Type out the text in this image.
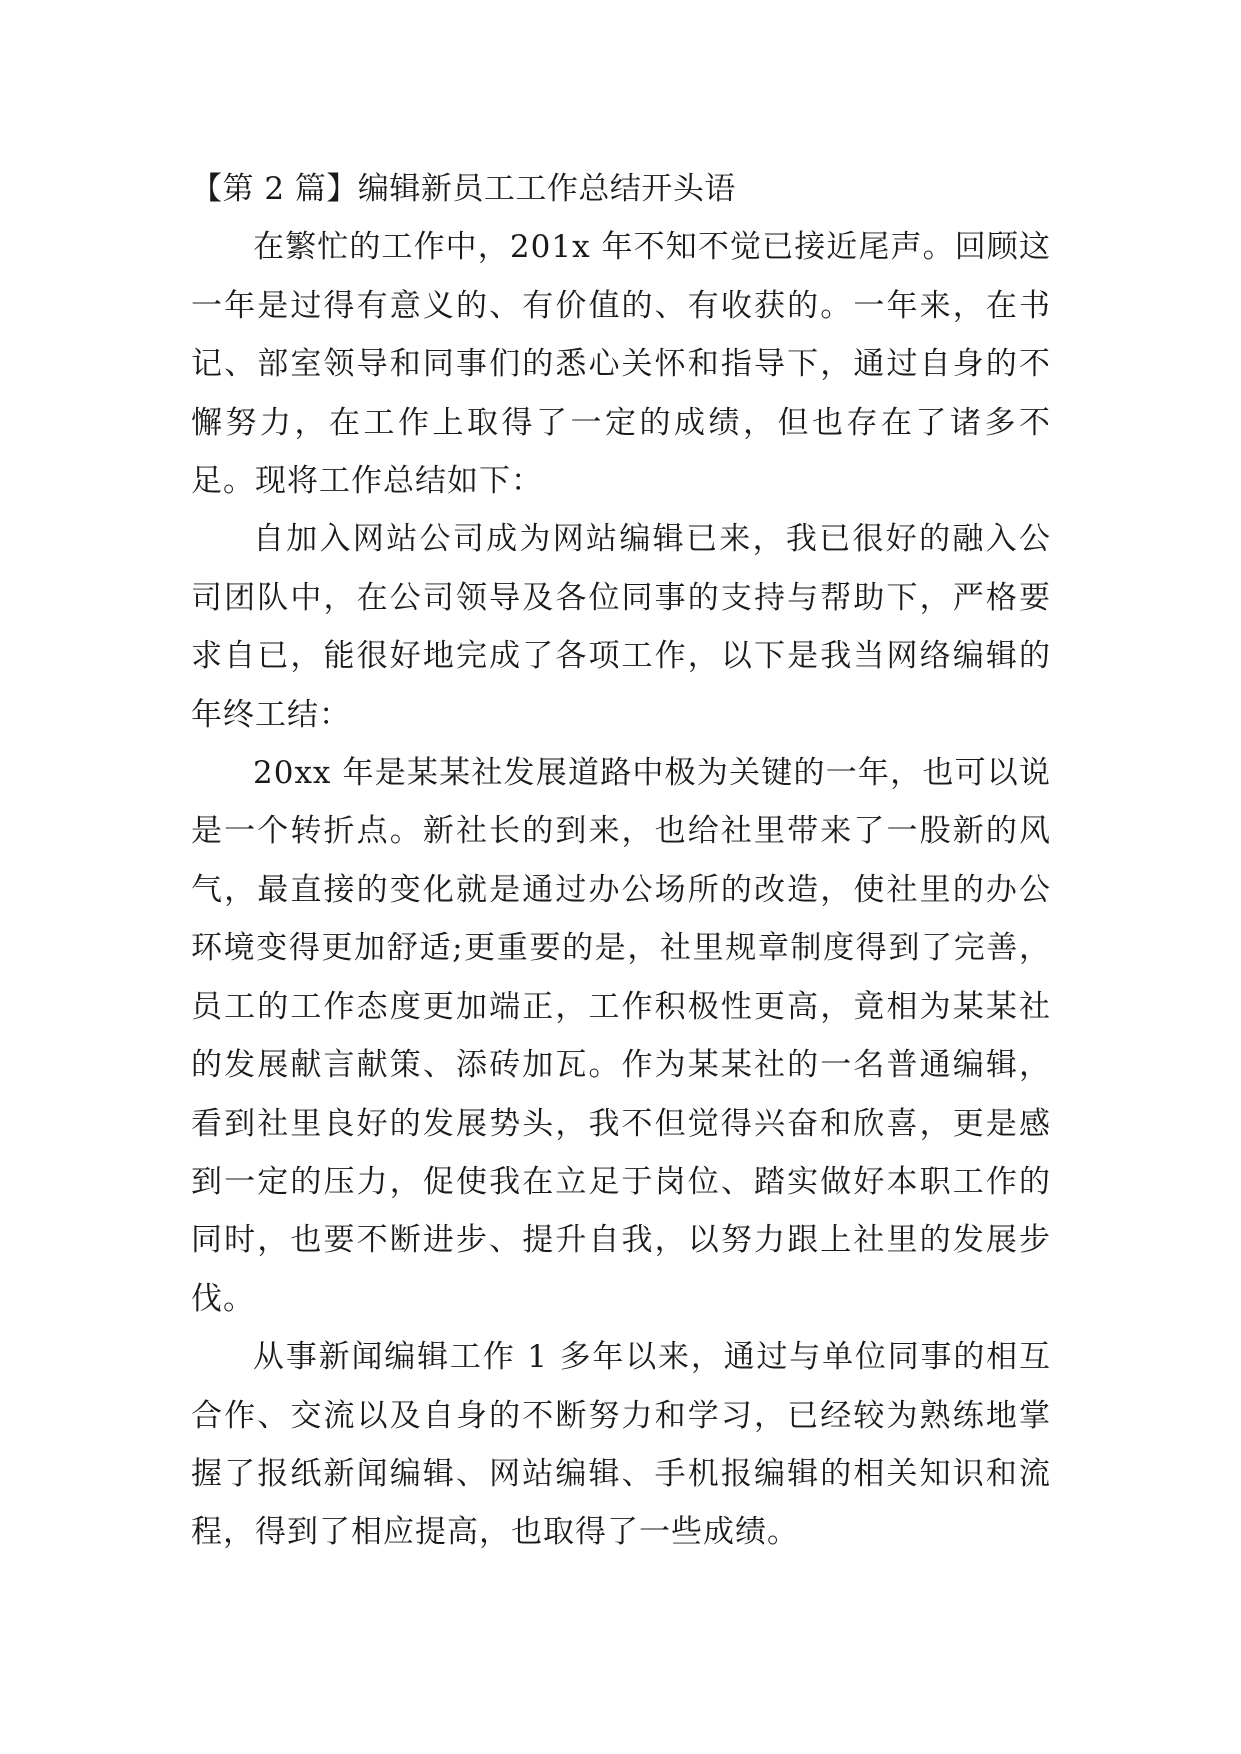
【第 2 篇】编辑新员工工作总结开头语

在繁忙的工作中，201x 年不知不觉已接近尾声。回顾这一年是过得有意义的、有价值的、有收获的。一年来，在书记、部室领导和同事们的悉心关怀和指导下，通过自身的不懈努力，在工作上取得了一定的成绩，但也存在了诸多不足。现将工作总结如下：

自加入网站公司成为网站编辑已来，我已很好的融入公司团队中，在公司领导及各位同事的支持与帮助下，严格要求自已，能很好地完成了各项工作，以下是我当网络编辑的年终工结：

20xx 年是某某社发展道路中极为关键的一年，也可以说是一个转折点。新社长的到来，也给社里带来了一股新的风气，最直接的变化就是通过办公场所的改造，使社里的办公环境变得更加舒适;更重要的是，社里规章制度得到了完善，员工的工作态度更加端正，工作积极性更高，竟相为某某社的发展献言献策、添砖加瓦。作为某某社的一名普通编辑，看到社里良好的发展势头，我不但觉得兴奋和欣喜，更是感到一定的压力，促使我在立足于岗位、踏实做好本职工作的同时，也要不断进步、提升自我，以努力跟上社里的发展步伐。

从事新闻编辑工作 1 多年以来，通过与单位同事的相互合作、交流以及自身的不断努力和学习，已经较为熟练地掌握了报纸新闻编辑、网站编辑、手机报编辑的相关知识和流程，得到了相应提高，也取得了一些成绩。
